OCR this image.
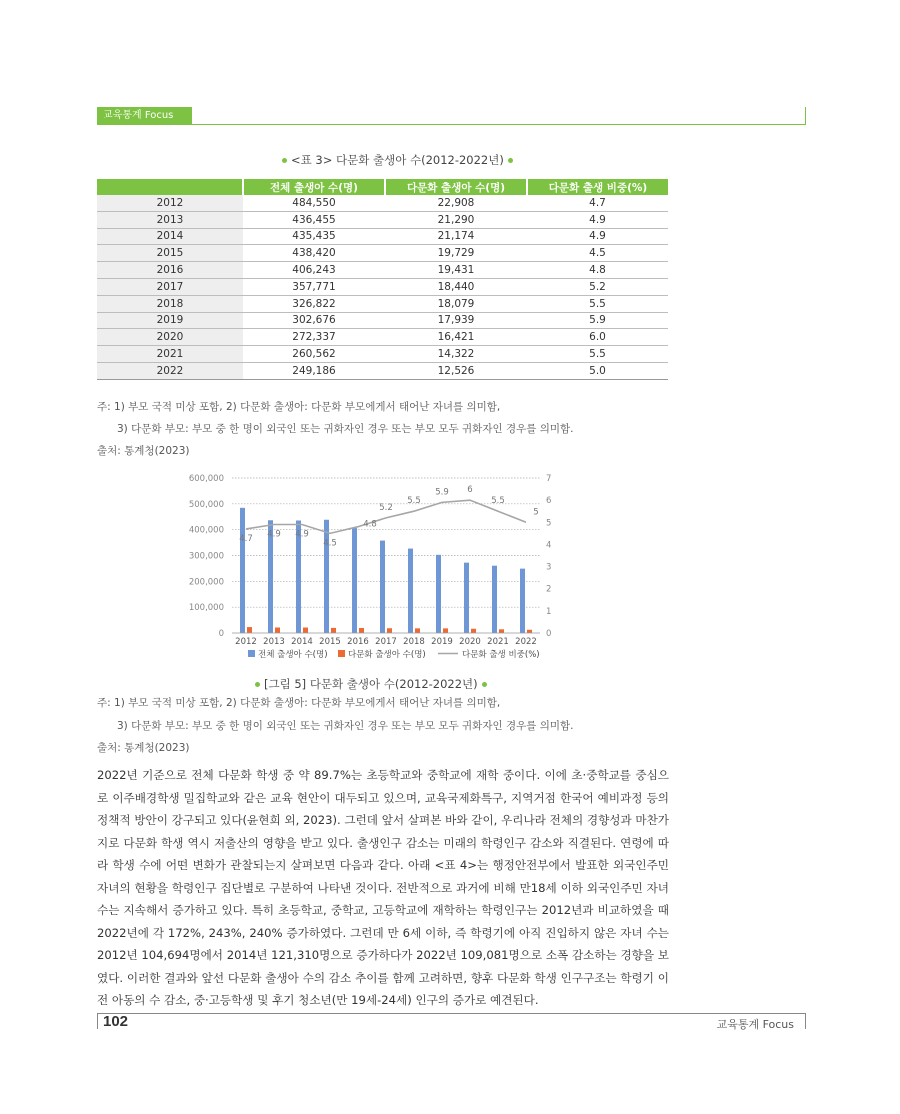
교육통계 Focus
<표 3> 다문화 출생아 수(2012-2022년)
	전체 출생아 수(명)	다문화 출생아 수(명)	다문화 출생 비중(%)
2012	484,550	22,908	4.7
2013	436,455	21,290	4.9
2014	435,435	21,174	4.9
2015	438,420	19,729	4.5
2016	406,243	19,431	4.8
2017	357,771	18,440	5.2
2018	326,822	18,079	5.5
2019	302,676	17,939	5.9
2020	272,337	16,421	6.0
2021	260,562	14,322	5.5
2022	249,186	12,526	5.0
주: 1) 부모 국적 미상 포함, 2) 다문화 출생아: 다문화 부모에게서 태어난 자녀를 의미함,
3) 다문화 부모: 부모 중 한 명이 외국인 또는 귀화자인 경우 또는 부모 모두 귀화자인 경우를 의미함.
출처: 통계청(2023)
4.7 4.9 4.9
4.5
4.8
5.2
5.5
5.9 6
5.5
5
0
100,000
200,000
300,000
400,000
500,000
600,000
0
1
2
3
4
5
6
7
2012 2013 2014 2015 2016 2017 2018 2019 2020 2021 2022
전체 출생아 수(명) 다문화 출생아 수(명)	다문화 출생 비중(%)
[그림 5] 다문화 출생아 수(2012-2022년)
주: 1) 부모 국적 미상 포함, 2) 다문화 출생아: 다문화 부모에게서 태어난 자녀를 의미함,
3) 다문화 부모: 부모 중 한 명이 외국인 또는 귀화자인 경우 또는 부모 모두 귀화자인 경우를 의미함.
출처: 통계청(2023)
2022년 기준으로 전체 다문화 학생 중 약 89.7%는 초등학교와 중학교에 재학 중이다. 이에 초·중학교를 중심으로 이주배경학생 밀집학교와 같은 교육 현안이 대두되고 있으며, 교육국제화특구, 지역거점 한국어 예비과정 등의 정책적 방안이 강구되고 있다(윤현희 외, 2023). 그런데 앞서 살펴본 바와 같이, 우리나라 전체의 경향성과 마찬가지로 다문화 학생 역시 저출산의 영향을 받고 있다. 출생인구 감소는 미래의 학령인구 감소와 직결된다. 연령에 따라 학생 수에 어떤 변화가 관찰되는지 살펴보면 다음과 같다. 아래 <표 4>는 행정안전부에서 발표한 외국인주민 자녀의 현황을 학령인구 집단별로 구분하여 나타낸 것이다. 전반적으로 과거에 비해 만18세 이하 외국인주민 자녀 수는 지속해서 증가하고 있다. 특히 초등학교, 중학교, 고등학교에 재학하는 학령인구는 2012년과 비교하였을 때 2022년에 각 172%, 243%, 240% 증가하였다. 그런데 만 6세 이하, 즉 학령기에 아직 진입하지 않은 자녀 수는 2012년 104,694명에서 2014년 121,310명으로 증가하다가 2022년 109,081명으로 소폭 감소하는 경향을 보였다. 이러한 결과와 앞선 다문화 출생아 수의 감소 추이를 함께 고려하면, 향후 다문화 학생 인구구조는 학령기 이전 아동의 수 감소, 중·고등학생 및 후기 청소년(만 19세-24세) 인구의 증가로 예견된다.
102	교육통계 Focus
